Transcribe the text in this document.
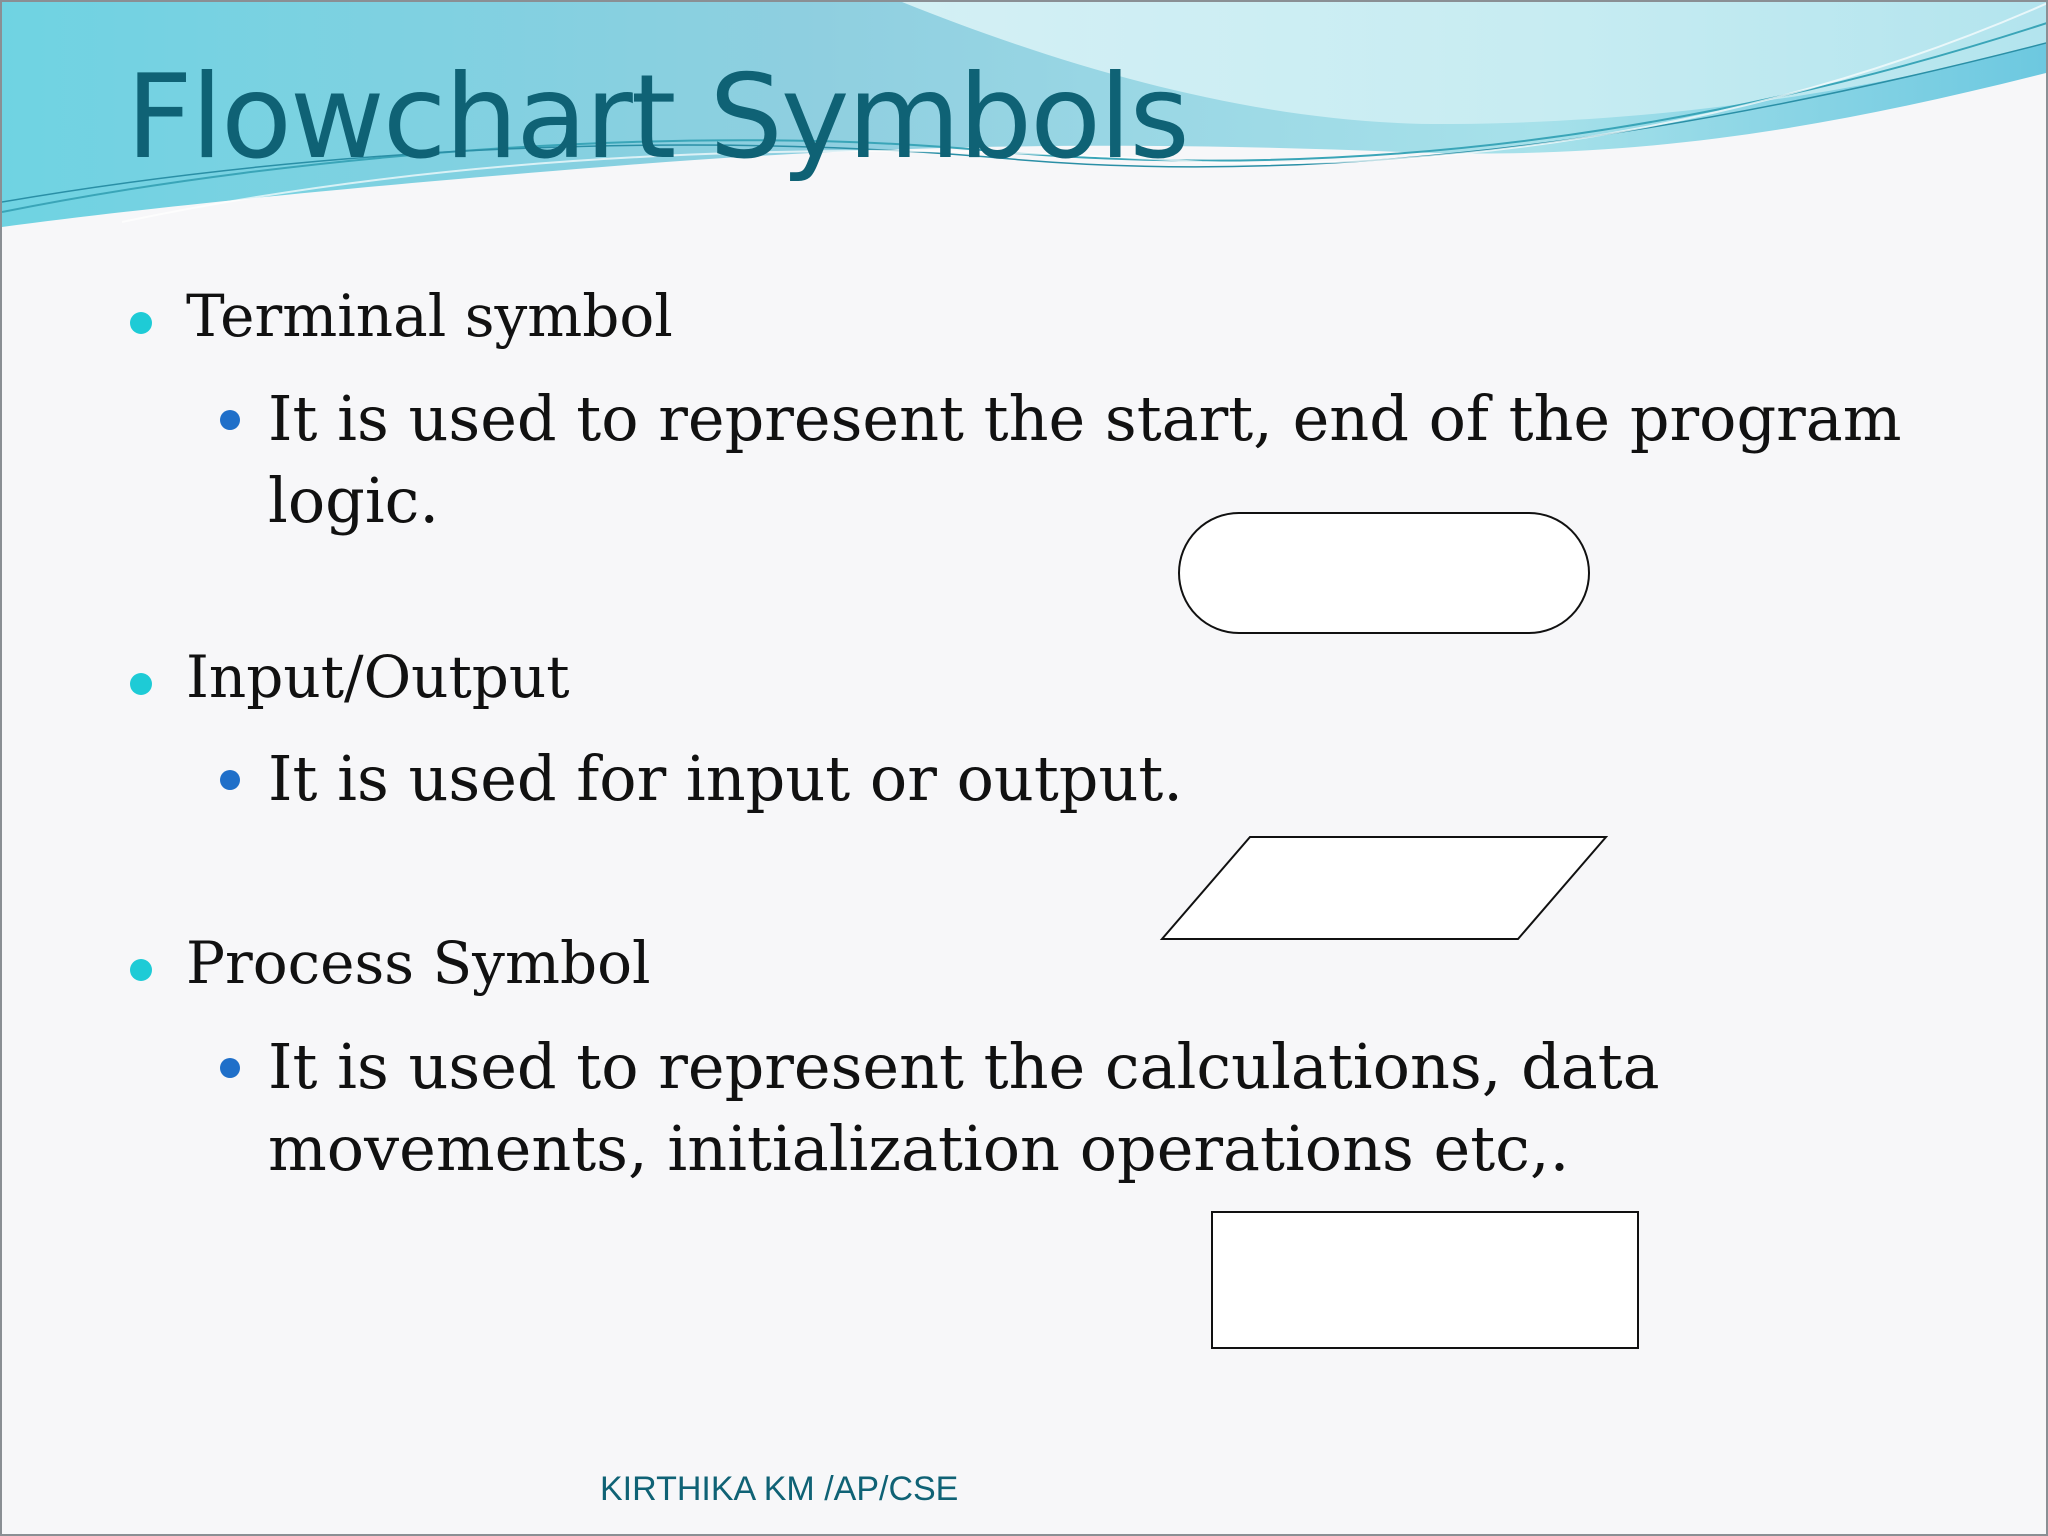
Flowchart Symbols
Terminal symbol
It is used to represent the start, end of the program logic.
Input/Output
It is used for input or output.
Process Symbol
It is used to represent the calculations, data movements, initialization operations etc,.
KIRTHIKA KM /AP/CSE
